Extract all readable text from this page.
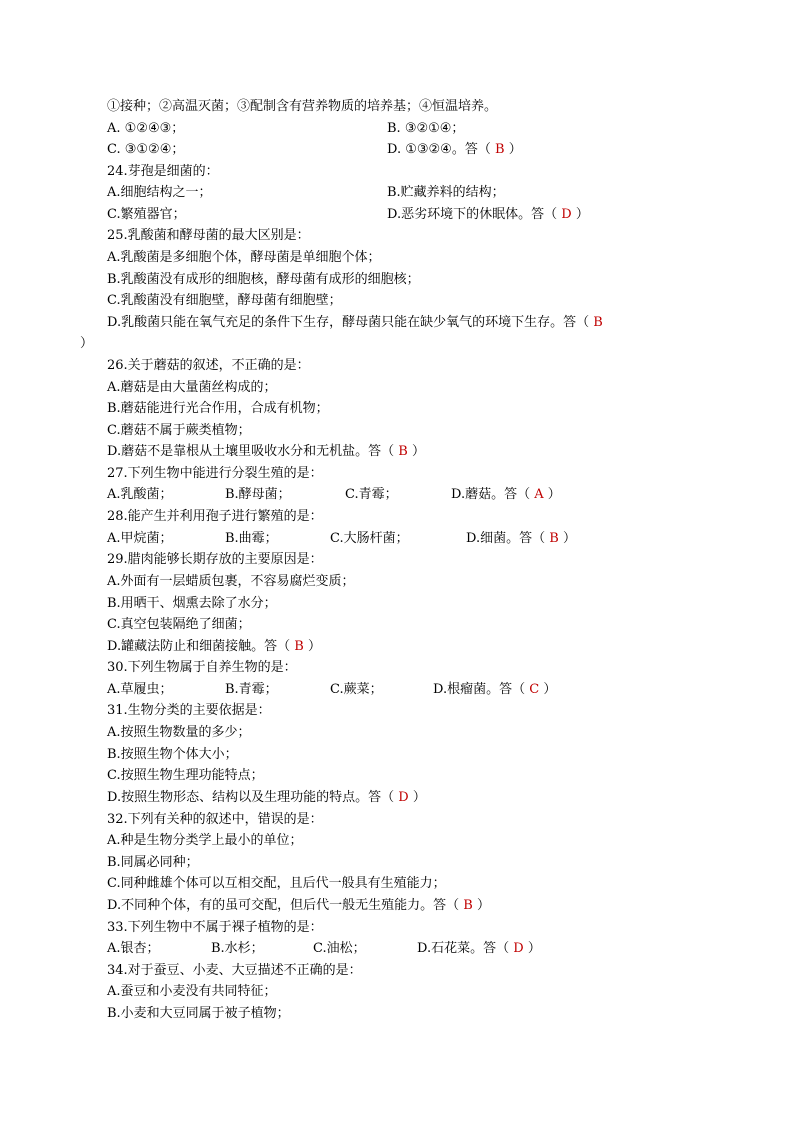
①接种；②高温灭菌；③配制含有营养物质的培养基；④恒温培养。
A. ①②④③；	B. ③②①④；
C. ③①②④；	D. ①③②④。答（ B ）
24.芽孢是细菌的：
A.细胞结构之一；	B.贮藏养料的结构；
C.繁殖器官；	D.恶劣环境下的休眠体。答（ D ）
25.乳酸菌和酵母菌的最大区别是：
A.乳酸菌是多细胞个体，酵母菌是单细胞个体；
B.乳酸菌没有成形的细胞核，酵母菌有成形的细胞核；
C.乳酸菌没有细胞壁，酵母菌有细胞壁；
D.乳酸菌只能在氧气充足的条件下生存，酵母菌只能在缺少氧气的环境下生存。答（ B
）
26.关于蘑菇的叙述，不正确的是：
A.蘑菇是由大量菌丝构成的；
B.蘑菇能进行光合作用，合成有机物；
C.蘑菇不属于蕨类植物；
D.蘑菇不是靠根从土壤里吸收水分和无机盐。答（ B ）
27.下列生物中能进行分裂生殖的是：
A.乳酸菌；	B.酵母菌；	C.青霉；	D.蘑菇。答（ A ）
28.能产生并利用孢子进行繁殖的是：
A.甲烷菌；	B.曲霉；	C.大肠杆菌；	D.细菌。答（ B ）
29.腊肉能够长期存放的主要原因是：
A.外面有一层蜡质包裹，不容易腐烂变质；
B.用晒干、烟熏去除了水分；
C.真空包装隔绝了细菌；
D.罐藏法防止和细菌接触。答（ B ）
30.下列生物属于自养生物的是：
A.草履虫；	B.青霉；	C.蕨菜；	D.根瘤菌。答（ C ）
31.生物分类的主要依据是：
A.按照生物数量的多少；
B.按照生物个体大小；
C.按照生物生理功能特点；
D.按照生物形态、结构以及生理功能的特点。答（ D ）
32.下列有关种的叙述中，错误的是：
A.种是生物分类学上最小的单位；
B.同属必同种；
C.同种雌雄个体可以互相交配，且后代一般具有生殖能力；
D.不同种个体，有的虽可交配，但后代一般无生殖能力。答（ B ）
33.下列生物中不属于裸子植物的是：
A.银杏；	B.水杉；	C.油松；	D.石花菜。答（ D ）
34.对于蚕豆、小麦、大豆描述不正确的是：
A.蚕豆和小麦没有共同特征；
B.小麦和大豆同属于被子植物；
